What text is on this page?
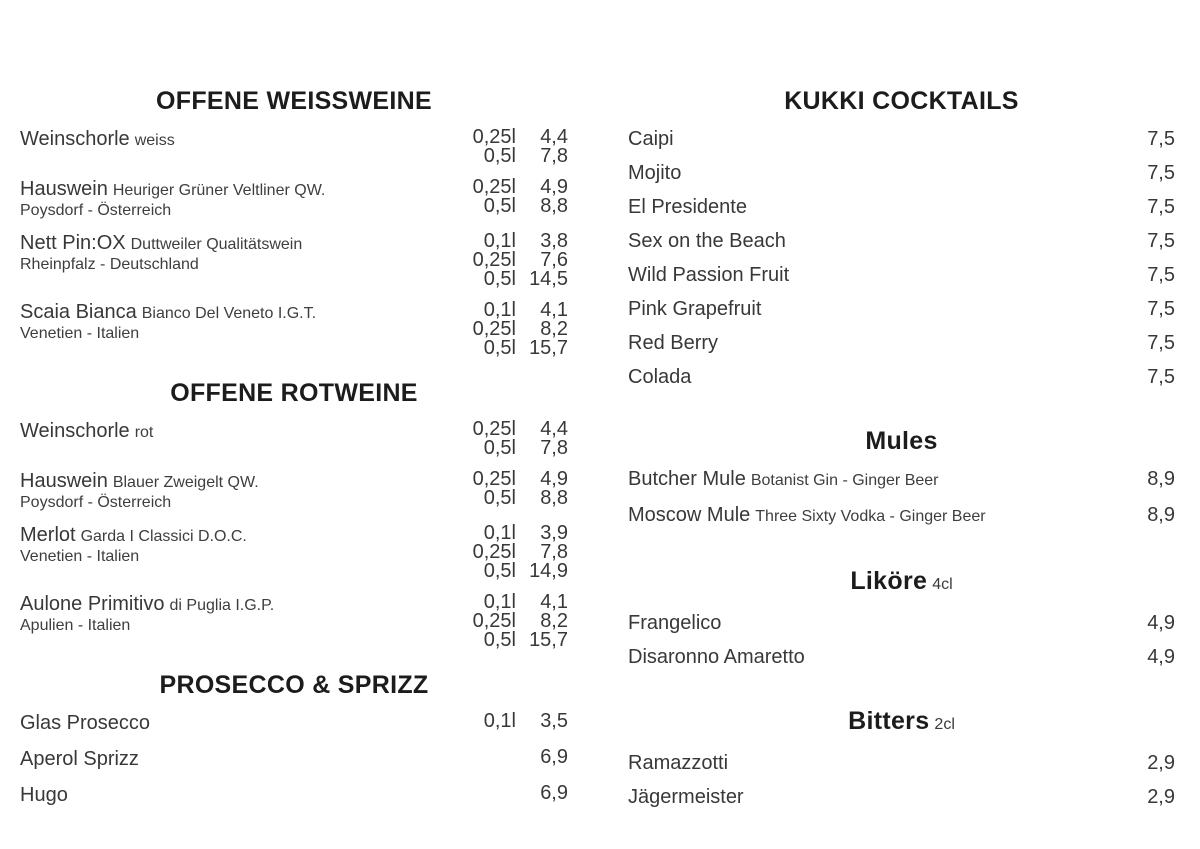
OFFENE WEISSWEINE
Weinschorle weiss	0,25l	4,4
0,5l	7,8
Hauswein Heuriger Grüner Veltliner QW.
Poysdorf - Österreich
0,25l	4,9
0,5l	8,8
Nett Pin:OX Duttweiler Qualitätswein
Rheinpfalz - Deutschland
0,1l	3,8
0,25l	7,6
0,5l 14,5
Scaia Bianca Bianco Del Veneto I.G.T.
Venetien - Italien
0,1l	4,1
0,25l	8,2
0,5l 15,7
OFFENE ROTWEINE
Weinschorle rot	0,25l	4,4
0,5l	7,8
Hauswein Blauer Zweigelt QW.
Poysdorf - Österreich
0,25l	4,9
0,5l	8,8
Merlot Garda I Classici D.O.C.
Venetien - Italien
0,1l	3,9
0,25l	7,8
0,5l 14,9
Aulone Primitivo di Puglia I.G.P.
Apulien - Italien
0,1l	4,1
0,25l	8,2
0,5l 15,7
PROSECCO & SPRIZZ
Glas Prosecco	0,1l	3,5
Aperol Sprizz	6,9
Hugo	6,9
KUKKI COCKTAILS
Caipi	7,5
Mojito	7,5
El Presidente	7,5
Sex on the Beach	7,5
Wild Passion Fruit	7,5
Pink Grapefruit	7,5
Red Berry	7,5
Colada	7,5
Mules
Butcher Mule Botanist Gin - Ginger Beer	8,9
Moscow Mule Three Sixty Vodka - Ginger Beer	8,9
Liköre 4cl
Frangelico	4,9
Disaronno Amaretto	4,9
Bitters 2cl
Ramazzotti	2,9
Jägermeister	2,9
